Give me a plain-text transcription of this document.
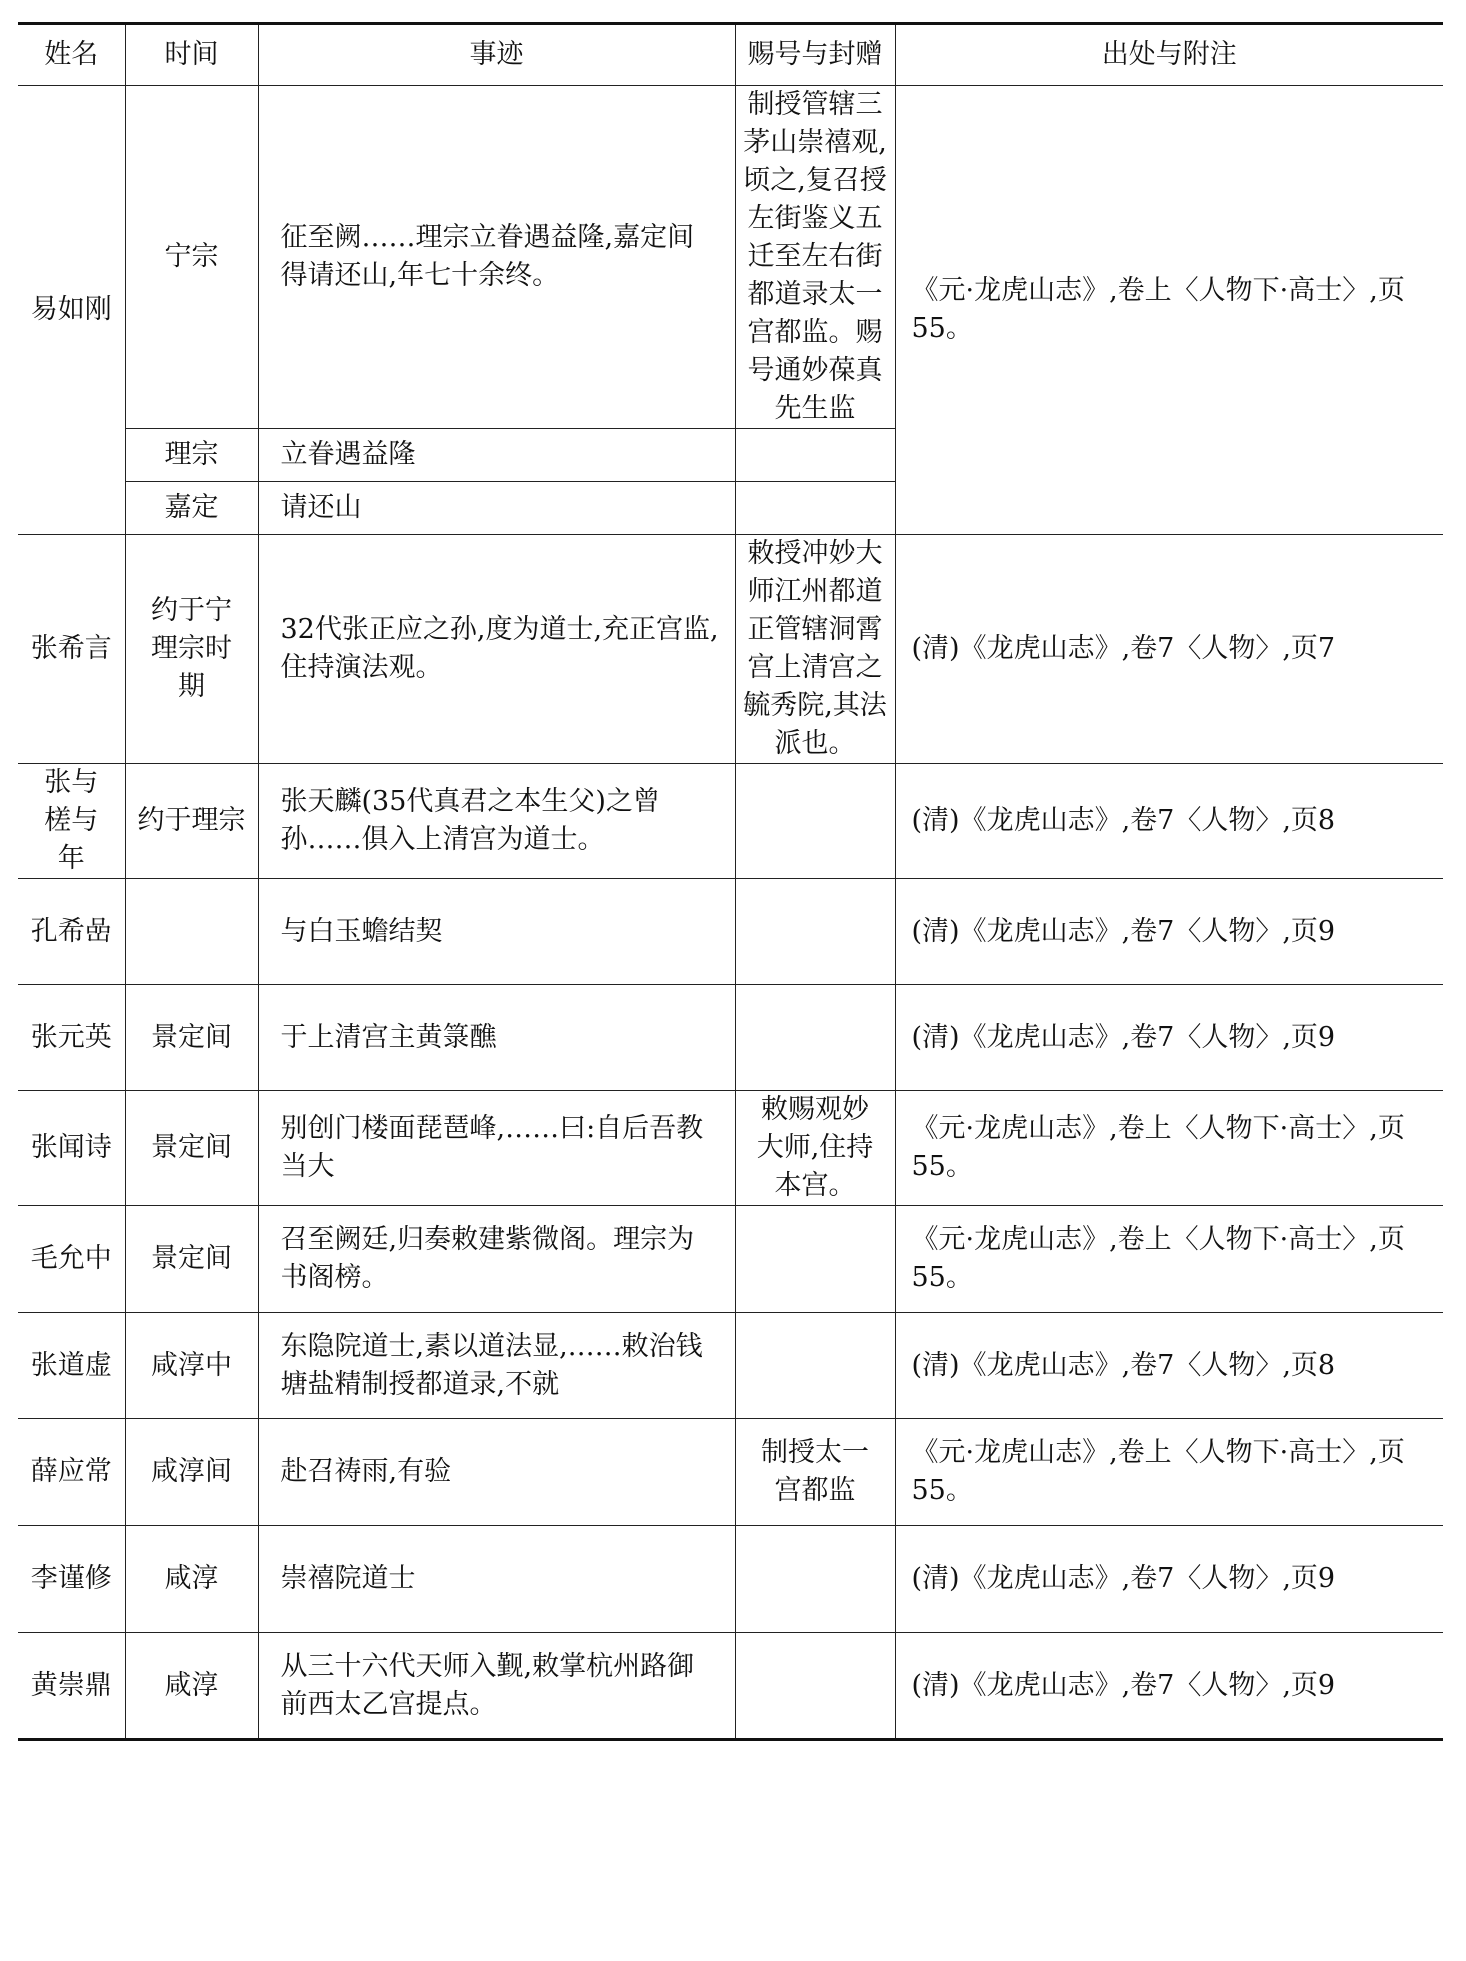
姓名	时间	事迹	赐号与封赠	出处与附注

易如刚	宁宗	征至阙……理宗立眷遇益隆,嘉定间得请还山,年七十余终。	制授管辖三茅山崇禧观,顷之,复召授左街鉴义五迁至左右街都道录太一宫都监。赐号通妙葆真先生监	《元·龙虎山志》,卷上〈人物下·高士〉,页55。

	理宗	立眷遇益隆		

	嘉定	请还山		

张希言	约于宁理宗时期	32代张正应之孙,度为道士,充正宫监,住持演法观。	敕授冲妙大师江州都道正管辖洞霄宫上清宫之毓秀院,其法派也。	(清)《龙虎山志》,卷7〈人物〉,页7

张与槎与年	约于理宗	张天麟(35代真君之本生父)之曾孙……俱入上清宫为道士。		(清)《龙虎山志》,卷7〈人物〉,页8

孔希嵒		与白玉蟾结契		(清)《龙虎山志》,卷7〈人物〉,页9

张元英	景定间	于上清宫主黄箓醮		(清)《龙虎山志》,卷7〈人物〉,页9

张闻诗	景定间	别创门楼面琵琶峰,……曰:自后吾教当大	敕赐观妙大师,住持本宫。	《元·龙虎山志》,卷上〈人物下·高士〉,页55。

毛允中	景定间	召至阙廷,归奏敕建紫微阁。理宗为书阁榜。		《元·龙虎山志》,卷上〈人物下·高士〉,页55。

张道虚	咸淳中	东隐院道士,素以道法显,……敕治钱塘盐精制授都道录,不就		(清)《龙虎山志》,卷7〈人物〉,页8

薛应常	咸淳间	赴召祷雨,有验	制授太一宫都监	《元·龙虎山志》,卷上〈人物下·高士〉,页55。

李谨修	咸淳	崇禧院道士		(清)《龙虎山志》,卷7〈人物〉,页9

黄崇鼎	咸淳	从三十六代天师入觐,敕掌杭州路御前西太乙宫提点。		(清)《龙虎山志》,卷7〈人物〉,页9
